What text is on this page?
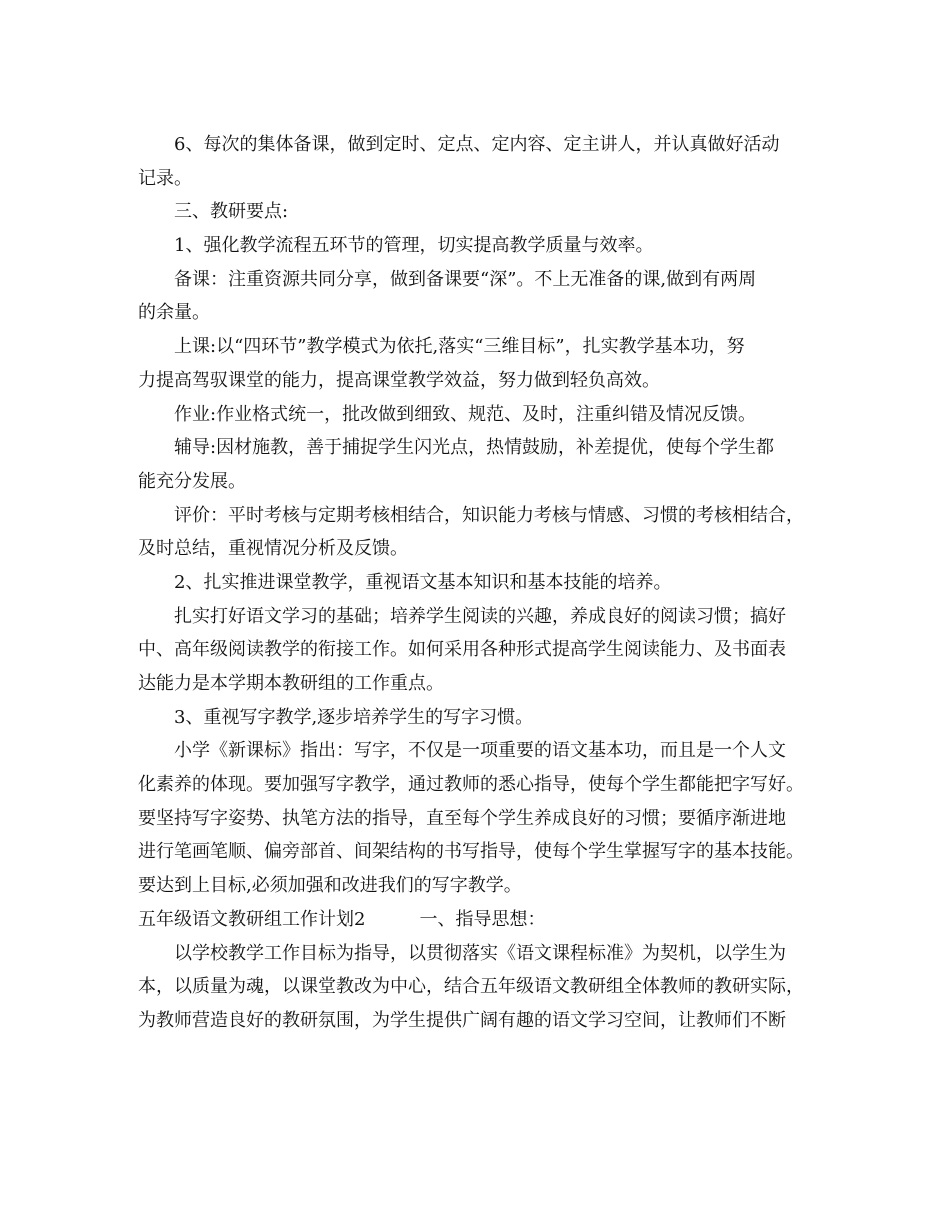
6、每次的集体备课，做到定时、定点、定内容、定主讲人，并认真做好活动
记录。
三、教研要点:
1、强化教学流程五环节的管理，切实提高教学质量与效率。
备课：注重资源共同分享，做到备课要“深”。不上无准备的课,做到有两周
的余量。
上课:以“四环节”教学模式为依托,落实“三维目标”，扎实教学基本功，努
力提高驾驭课堂的能力，提高课堂教学效益，努力做到轻负高效。
作业:作业格式统一，批改做到细致、规范、及时，注重纠错及情况反馈。
辅导:因材施教，善于捕捉学生闪光点，热情鼓励，补差提优，使每个学生都
能充分发展。
评价：平时考核与定期考核相结合，知识能力考核与情感、习惯的考核相结合，
及时总结，重视情况分析及反馈。
2、扎实推进课堂教学，重视语文基本知识和基本技能的培养。
扎实打好语文学习的基础；培养学生阅读的兴趣，养成良好的阅读习惯；搞好
中、高年级阅读教学的衔接工作。如何采用各种形式提高学生阅读能力、及书面表
达能力是本学期本教研组的工作重点。
3、重视写字教学,逐步培养学生的写字习惯。
小学《新课标》指出：写字，不仅是一项重要的语文基本功，而且是一个人文
化素养的体现。要加强写字教学，通过教师的悉心指导，使每个学生都能把字写好。
要坚持写字姿势、执笔方法的指导，直至每个学生养成良好的习惯；要循序渐进地
进行笔画笔顺、偏旁部首、间架结构的书写指导，使每个学生掌握写字的基本技能。
要达到上目标,必须加强和改进我们的写字教学。
五年级语文教研组工作计划2　　　一、指导思想：
以学校教学工作目标为指导，以贯彻落实《语文课程标准》为契机，以学生为
本，以质量为魂，以课堂教改为中心，结合五年级语文教研组全体教师的教研实际，
为教师营造良好的教研氛围，为学生提供广阔有趣的语文学习空间，让教师们不断
